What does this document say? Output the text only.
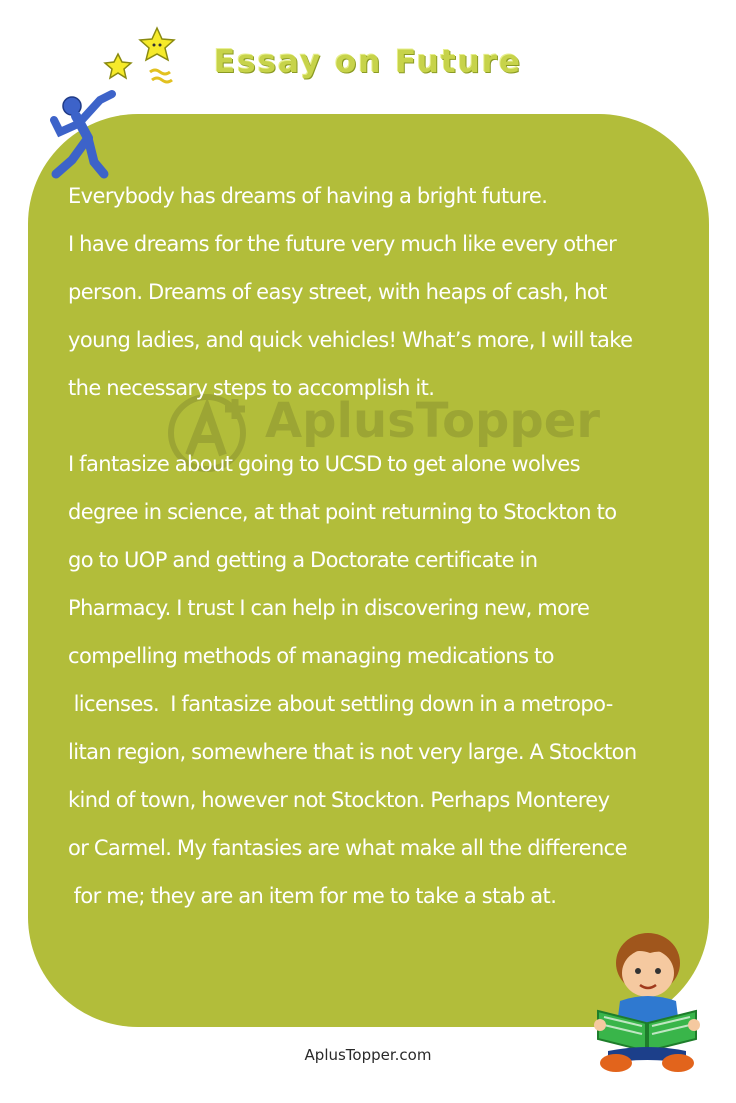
Essay on Future
AplusTopper
Everybody has dreams of having a bright future.
I have dreams for the future very much like every other
person. Dreams of easy street, with heaps of cash, hot
young ladies, and quick vehicles! What’s more, I will take
the necessary steps to accomplish it.
I fantasize about going to UCSD to get alone wolves
degree in science, at that point returning to Stockton to
go to UOP and getting a Doctorate certificate in
Pharmacy. I trust I can help in discovering new, more
compelling methods of managing medications to
licenses.  I fantasize about settling down in a metropo-
litan region, somewhere that is not very large. A Stockton
kind of town, however not Stockton. Perhaps Monterey
or Carmel. My fantasies are what make all the difference
for me; they are an item for me to take a stab at.
AplusTopper.com
